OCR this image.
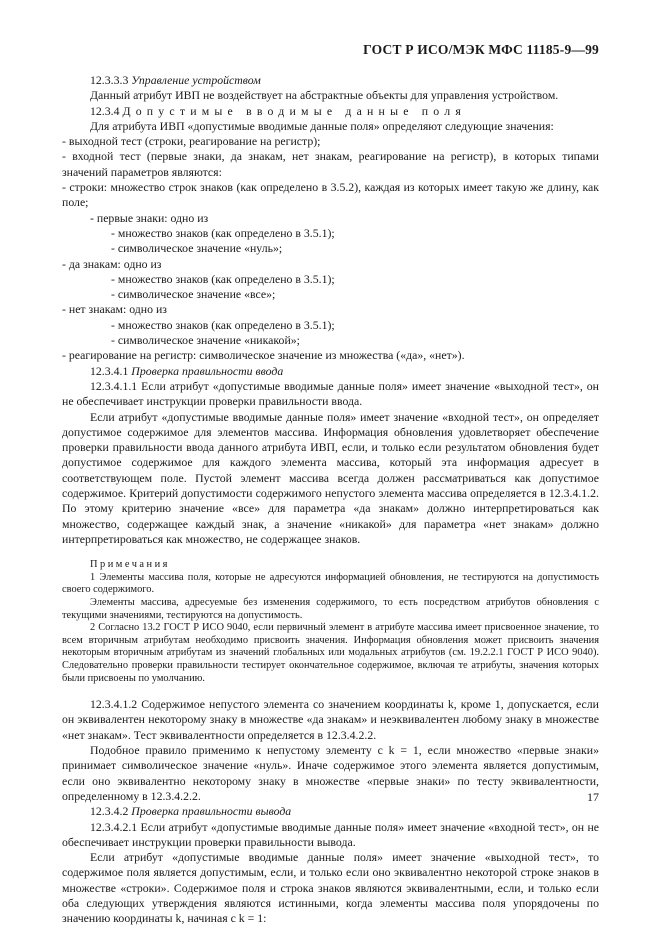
ГОСТ Р ИСО/МЭК МФС 11185-9—99

12.3.3.3 Управление устройством

Данный атрибут ИВП не воздействует на абстрактные объекты для управления устройством.

12.3.4 Допустимые вводимые данные поля

Для атрибута ИВП «допустимые вводимые данные поля» определяют следующие значения:

- выходной тест (строки, реагирование на регистр);

- входной тест (первые знаки, да знакам, нет знакам, реагирование на регистр), в которых типами значений параметров являются:

- строки: множество строк знаков (как определено в 3.5.2), каждая из которых имеет такую же длину, как поле;

- первые знаки: одно из

- множество знаков (как определено в 3.5.1);

- символическое значение «нуль»;

- да знакам: одно из

- множество знаков (как определено в 3.5.1);

- символическое значение «все»;

- нет знакам: одно из

- множество знаков (как определено в 3.5.1);

- символическое значение «никакой»;

- реагирование на регистр: символическое значение из множества («да», «нет»).

12.3.4.1 Проверка правильности ввода

12.3.4.1.1 Если атрибут «допустимые вводимые данные поля» имеет значение «выходной тест», он не обеспечивает инструкции проверки правильности ввода.

Если атрибут «допустимые вводимые данные поля» имеет значение «входной тест», он определяет допустимое содержимое для элементов массива. Информация обновления удовлетворяет обеспечение проверки правильности ввода данного атрибута ИВП, если, и только если результатом обновления будет допустимое содержимое для каждого элемента массива, который эта информация адресует в соответствующем поле. Пустой элемент массива всегда должен рассматриваться как допустимое содержимое. Критерий допустимости содержимого непустого элемента массива определяется в 12.3.4.1.2. По этому критерию значение «все» для параметра «да знакам» должно интерпретироваться как множество, содержащее каждый знак, а значение «никакой» для параметра «нет знакам» должно интерпретироваться как множество, не содержащее знаков.

Примечания

1 Элементы массива поля, которые не адресуются информацией обновления, не тестируются на допустимость своего содержимого.

Элементы массива, адресуемые без изменения содержимого, то есть посредством атрибутов обновления с текущими значениями, тестируются на допустимость.

2 Согласно 13.2 ГОСТ Р ИСО 9040, если первичный элемент в атрибуте массива имеет присвоенное значение, то всем вторичным атрибутам необходимо присвоить значения. Информация обновления может присвоить значения некоторым вторичным атрибутам из значений глобальных или модальных атрибутов (см. 19.2.2.1 ГОСТ Р ИСО 9040). Следовательно проверки правильности тестирует окончательное содержимое, включая те атрибуты, значения которых были присвоены по умолчанию.

12.3.4.1.2 Содержимое непустого элемента со значением координаты k, кроме 1, допускается, если он эквивалентен некоторому знаку в множестве «да знакам» и неэквивалентен любому знаку в множестве «нет знакам». Тест эквивалентности определяется в 12.3.4.2.2.

Подобное правило применимо к непустому элементу с k = 1, если множество «первые знаки» принимает символическое значение «нуль». Иначе содержимое этого элемента является допустимым, если оно эквивалентно некоторому знаку в множестве «первые знаки» по тесту эквивалентности, определенному в 12.3.4.2.2.

12.3.4.2 Проверка правильности вывода

12.3.4.2.1 Если атрибут «допустимые вводимые данные поля» имеет значение «входной тест», он не обеспечивает инструкции проверки правильности вывода.

Если атрибут «допустимые вводимые данные поля» имеет значение «выходной тест», то содержимое поля является допустимым, если, и только если оно эквивалентно некоторой строке знаков в множестве «строки». Содержимое поля и строка знаков являются эквивалентными, если, и только если оба следующих утверждения являются истинными, когда элементы массива поля упорядочены по значению координаты k, начиная с k = 1:

17
